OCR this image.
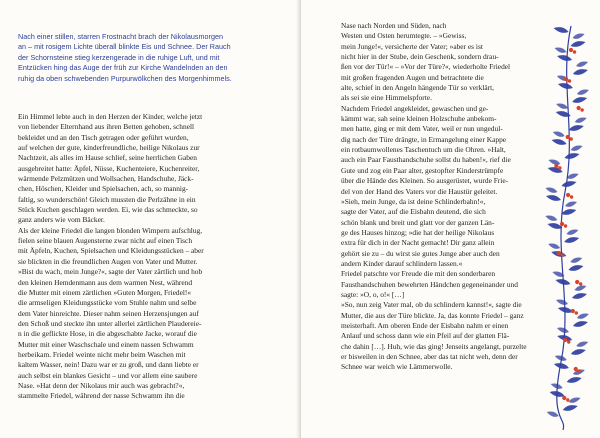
Nach einer stillen, starren Frostnacht brach der Nikolausmorgen
an – mit rosigem Lichte überall blinkte Eis und Schnee. Der Rauch
der Schornsteine stieg kerzengerade in die ruhige Luft, und mit
Entzücken hing das Auge der früh zur Kirche Wandelnden an den
ruhig da oben schwebenden Purpurwölkchen des Morgenhimmels.
Ein Himmel lebte auch in den Herzen der Kinder, welche jetzt
von liebender Elternhand aus ihren Betten gehoben, schnell
bekleidet und an den Tisch getragen oder geführt wurden,
auf welchen der gute, kinderfreundliche, heilige Nikolaus zur
Nachtzeit, als alles im Hause schlief, seine herrlichen Gaben
ausgebreitet hatte: Äpfel, Nüsse, Kuchenteiere, Kuchenreiter,
wärmende Pelzmützen und Wollsachen, Handschuhe, Jäck-
chen, Höschen, Kleider und Spielsachen, ach, so mannig-
faltig, so wunderschön! Gleich mussten die Perlzähne in ein
Stück Kuchen geschlagen werden. Ei, wie das schmeckte, so
ganz anders wie vom Bäcker.
Als der kleine Friedel die langen blonden Wimpern aufschlug,
fielen seine blauen Augensterne zwar nicht auf einen Tisch
mit Äpfeln, Kuchen, Spielsachen und Kleidungsstücken – aber
sie blickten in die freundlichen Augen von Vater und Mutter.
»Bist du wach, mein Junge?«, sagte der Vater zärtlich und hob
den kleinen Hemdenmann aus dem warmen Nest, während
die Mutter mit einem zärtlichen »Guten Morgen, Friedel!«
die armseligen Kleidungsstücke vom Stuhle nahm und selbe
dem Vater hinreichte. Dieser nahm seinen Herzensjungen auf
den Schoß und steckte ihn unter allerlei zärtlichen Plaudereie-
n in die geflickte Hose, in die abgeschabte Jacke, worauf die
Mutter mit einer Waschschale und einem nassen Schwamm
herbeikam. Friedel weinte nicht mehr beim Waschen mit
kaltem Wasser, nein! Dazu war er zu groß, und dann liebte er
auch selbst ein blankes Gesicht – und vor allem eine saubere
Nase. »Hat denn der Nikolaus mir auch was gebracht?«,
stammelte Friedel, während der nasse Schwamm ihn die
Nase nach Norden und Süden, nach
Westen und Osten herumtegte. – »Gewiss,
mein Junge!«, versicherte der Vater; »aber es ist
nicht hier in der Stube, dein Geschenk, sondern drau-
ßen vor der Tür!« – »Vor der Türe?«, wiederholte Friedel
mit großen fragenden Augen und betrachtete die
alte, schief in den Angeln hängende Tür so verklärt,
als sei sie eine Himmelspforte.
Nachdem Friedel angekleidet, gewaschen und ge-
kämmt war, sah seine kleinen Holzschuhe anbekom-
men hatte, ging er mit dem Vater, weil er nun ungedul-
dig nach der Türe drängte, in Ermangelung einer Kappe
ein rotbaumwollenes Taschentuch um die Ohren. »Halt,
auch ein Paar Fausthandschuhe sollst du haben!«, rief die
Gute und zog ein Paar alter, gestopfter Kinderstrümpfe
über die Hände des Kleinen. So ausgerüstet, wurde Frie-
del von der Hand des Vaters vor die Haustür geleitet.
»Sieh, mein Junge, da ist deine Schlinderbahn!«,
sagte der Vater, auf die Eisbahn deutend, die sich
schön blank und breit und glatt vor der ganzen Län-
ge des Hauses hinzog; »die hat der heilige Nikolaus
extra für dich in der Nacht gemacht! Dir ganz allein
gehört sie zu – du wirst sie gutes Junge aber auch den
andern Kinder darauf schlindern lassen.«
Friedel patschte vor Freude die mit den sonderbaren
Fausthandschuhen bewehrten Händchen gegeneinander und
sagte: »O, o, o!« […]
»So, nun zeig Vater mal, ob du schlindern kannst!«, sagte die
Mutter, die aus der Türe blickte. Ja, das konnte Friedel – ganz
meisterhaft. Am oberen Ende der Eisbahn nahm er einen
Anlauf und schoss dann wie ein Pfeil auf der glatten Flä-
che dahin […]. Huh, wie das ging! Jenseits angelangt, purzelte
er bisweilen in den Schnee, aber das tat nicht weh, denn der
Schnee war weich wie Lämmerwolle.
